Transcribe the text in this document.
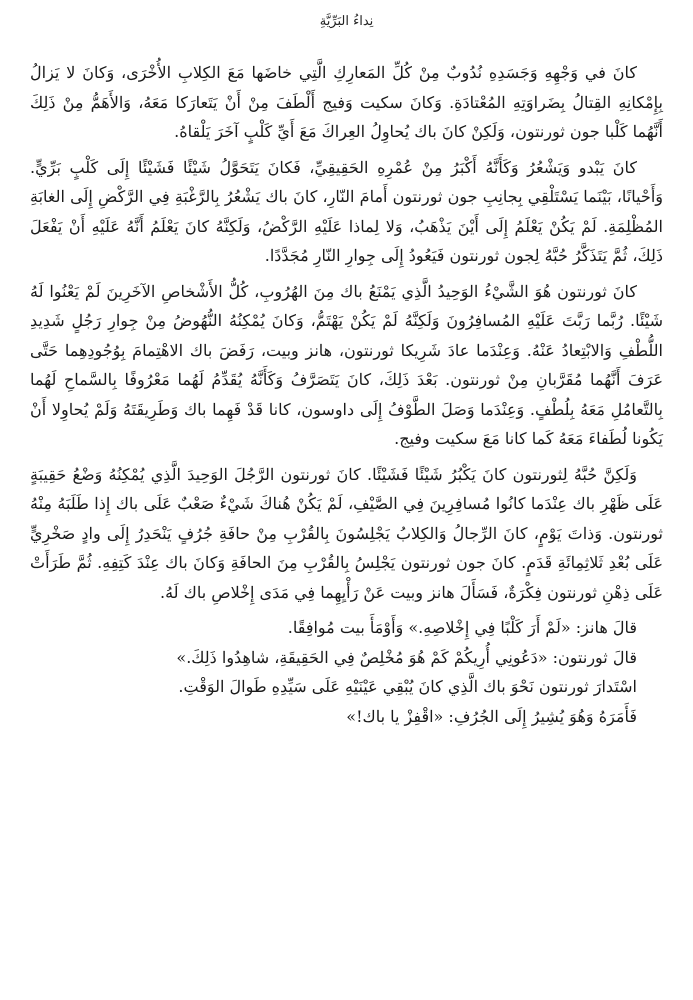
نِداءُ البَرِّيَّةِ

كانَ في وَجْهِهِ وَجَسَدِهِ نُدُوبٌ مِنْ كُلِّ المَعارِكِ الَّتِي خاضَها مَعَ الكِلابِ الأُخْرَى، وَكانَ لا يَزالُ بِإِمْكانِهِ القِتالُ بِضَراوَتِهِ المُعْتادَةِ. وَكانَ سكيت وَفيج أَلْطَفَ مِنْ أَنْ يَتَعارَكا مَعَهُ، وَالأَهَمُّ مِنْ ذَلِكَ أَنَّهُما كَلْبا جون ثورنتون، وَلَكِنْ كانَ باك يُحاوِلُ العِراكَ مَعَ أَيِّ كَلْبٍ آخَرَ يَلْقاهُ.

كانَ يَبْدو وَيَشْعُرُ وَكَأَنَّهُ أَكْبَرُ مِنْ عُمْرِهِ الحَقِيقِيِّ، فَكانَ يَتَحَوَّلُ شَيْئًا فَشَيْئًا إِلَى كَلْبٍ بَرِّيٍّ. وَأَحْيانًا، بَيْنَما يَسْتَلْقِي بِجانِبِ جون ثورنتون أَمامَ النّارِ، كانَ باك يَشْعُرُ بِالرَّغْبَةِ فِي الرَّكْضِ إِلَى الغابَةِ المُظْلِمَةِ. لَمْ يَكُنْ يَعْلَمُ إِلَى أَيْنَ يَذْهَبُ، وَلا لِماذا عَلَيْهِ الرَّكْضُ، وَلَكِنَّهُ كانَ يَعْلَمُ أَنَّهُ عَلَيْهِ أَنْ يَفْعَلَ ذَلِكَ، ثُمَّ يَتَذَكَّرُ حُبَّهُ لِجون ثورنتون فَيَعُودُ إِلَى جِوارِ النّارِ مُجَدَّدًا.

كانَ ثورنتون هُوَ الشَّيْءُ الوَحِيدُ الَّذِي يَمْنَعُ باك مِنَ الهُرُوبِ، كُلُّ الأَشْخاصِ الآخَرِينَ لَمْ يَعْنُوا لَهُ شَيْئًا. رُبَّما رَبَّتَ عَلَيْهِ المُسافِرُونَ وَلَكِنَّهُ لَمْ يَكُنْ يَهْتَمُّ، وَكانَ يُمْكِنُهُ النُّهُوضُ مِنْ جِوارِ رَجُلٍ شَدِيدِ اللُّطْفِ وَالابْتِعادُ عَنْهُ. وَعِنْدَما عادَ شَرِيكا ثورنتون، هانز وبيت، رَفَضَ باك الاهْتِمامَ بِوُجُودِهِما حَتَّى عَرَفَ أَنَّهُما مُقَرَّبانِ مِنْ ثورنتون. بَعْدَ ذَلِكَ، كانَ يَتَصَرَّفُ وَكَأَنَّهُ يُقَدِّمُ لَهُما مَعْرُوفًا بِالسَّماحِ لَهُما بِالتَّعامُلِ مَعَهُ بِلُطْفٍ. وَعِنْدَما وَصَلَ الطَّوْفُ إِلَى داوسون، كانا قَدْ فَهِما باك وَطَرِيقَتَهُ وَلَمْ يُحاوِلا أَنْ يَكُونا لُطَفاءَ مَعَهُ كَما كانا مَعَ سكيت وفيج.

وَلَكِنَّ حُبَّهُ لِثورنتون كانَ يَكْبُرُ شَيْئًا فَشَيْئًا. كانَ ثورنتون الرَّجُلَ الوَحِيدَ الَّذِي يُمْكِنُهُ وَضْعُ حَقِيبَةٍ عَلَى ظَهْرِ باك عِنْدَما كانُوا مُسافِرِينَ فِي الصَّيْفِ، لَمْ يَكُنْ هُناكَ شَيْءٌ صَعْبٌ عَلَى باك إِذا طَلَبَهُ مِنْهُ ثورنتون. وَذاتَ يَوْمٍ، كانَ الرِّجالُ وَالكِلابُ يَجْلِسُونَ بِالقُرْبِ مِنْ حافَةِ جُرُفٍ يَنْحَدِرُ إِلَى وادٍ صَخْرِيٍّ عَلَى بُعْدِ ثَلاثِمِائَةِ قَدَمٍ. كانَ جون ثورنتون يَجْلِسُ بِالقُرْبِ مِنَ الحافَةِ وَكانَ باك عِنْدَ كَتِفِهِ. ثُمَّ طَرَأَتْ عَلَى ذِهْنِ ثورنتون فِكْرَةٌ، فَسَأَلَ هانز وبيت عَنْ رَأْيِهِما فِي مَدَى إِخْلاصِ باك لَهُ.

قالَ هانز: «لَمْ أَرَ كَلْبًا فِي إِخْلاصِهِ.» وَأَوْمَأَ بيت مُوافِقًا.

قالَ ثورنتون: «دَعُونِي أُرِيكُمْ كَمْ هُوَ مُخْلِصٌ فِي الحَقِيقَةِ، شاهِدُوا ذَلِكَ.»

اسْتَدارَ ثورنتون نَحْوَ باك الَّذِي كانَ يُبْقِي عَيْنَيْهِ عَلَى سَيِّدِهِ طَوالَ الوَقْتِ.

فَأَمَرَهُ وَهُوَ يُشِيرُ إِلَى الجُرُفِ: «اقْفِزْ يا باك!»
